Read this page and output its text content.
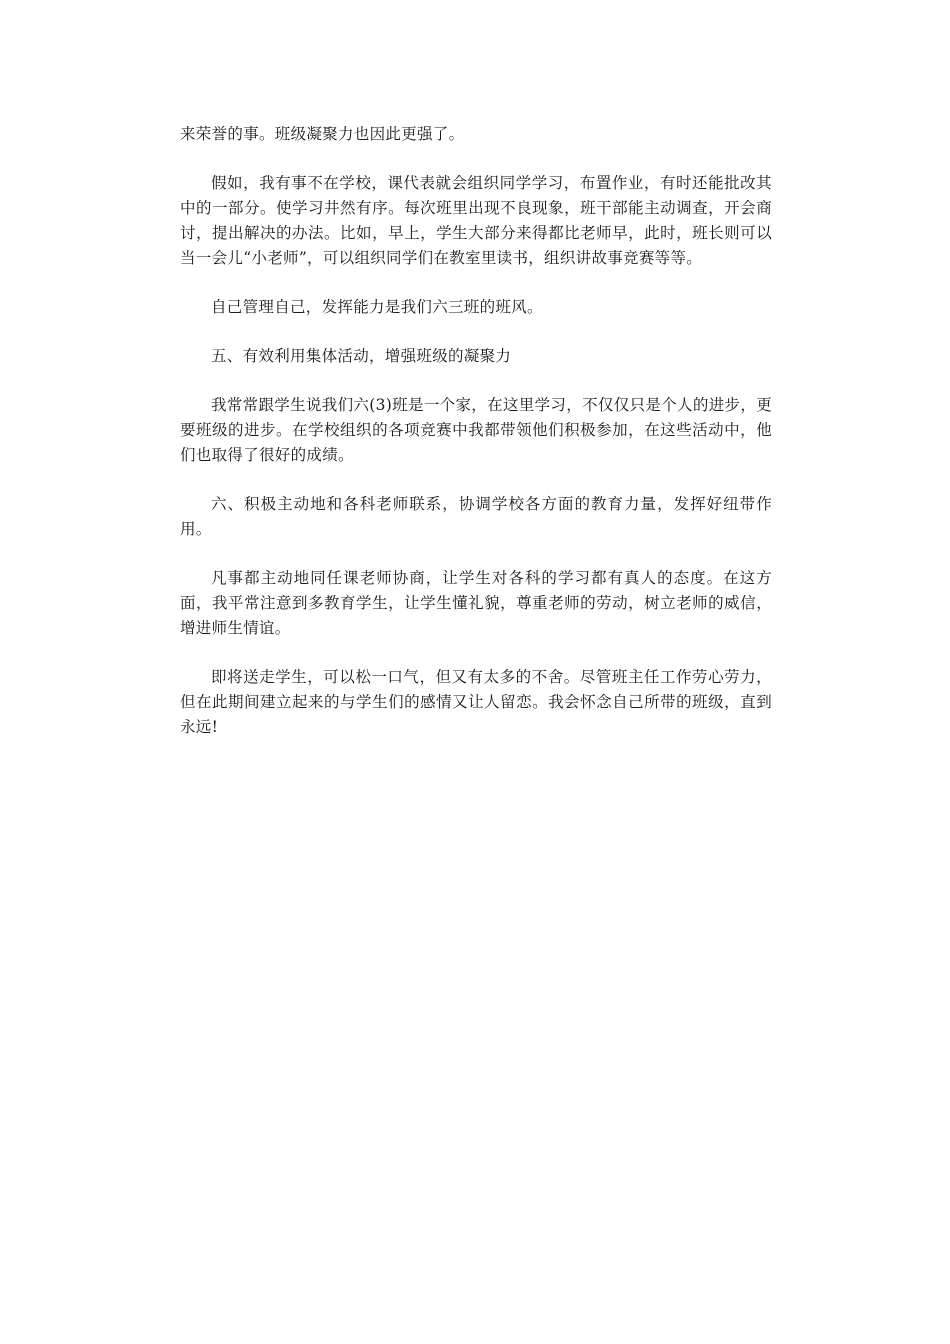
来荣誉的事。班级凝聚力也因此更强了。

假如，我有事不在学校，课代表就会组织同学学习，布置作业，有时还能批改其中的一部分。使学习井然有序。每次班里出现不良现象，班干部能主动调查，开会商讨，提出解决的办法。比如，早上，学生大部分来得都比老师早，此时，班长则可以当一会儿“小老师”，可以组织同学们在教室里读书，组织讲故事竞赛等等。

自己管理自己，发挥能力是我们六三班的班风。

五、有效利用集体活动，增强班级的凝聚力

我常常跟学生说我们六(3)班是一个家，在这里学习，不仅仅只是个人的进步，更要班级的进步。在学校组织的各项竞赛中我都带领他们积极参加，在这些活动中，他们也取得了很好的成绩。

六、积极主动地和各科老师联系，协调学校各方面的教育力量，发挥好纽带作用。

凡事都主动地同任课老师协商，让学生对各科的学习都有真人的态度。在这方面，我平常注意到多教育学生，让学生懂礼貌，尊重老师的劳动，树立老师的威信，增进师生情谊。

即将送走学生，可以松一口气，但又有太多的不舍。尽管班主任工作劳心劳力，但在此期间建立起来的与学生们的感情又让人留恋。我会怀念自己所带的班级，直到永远!
